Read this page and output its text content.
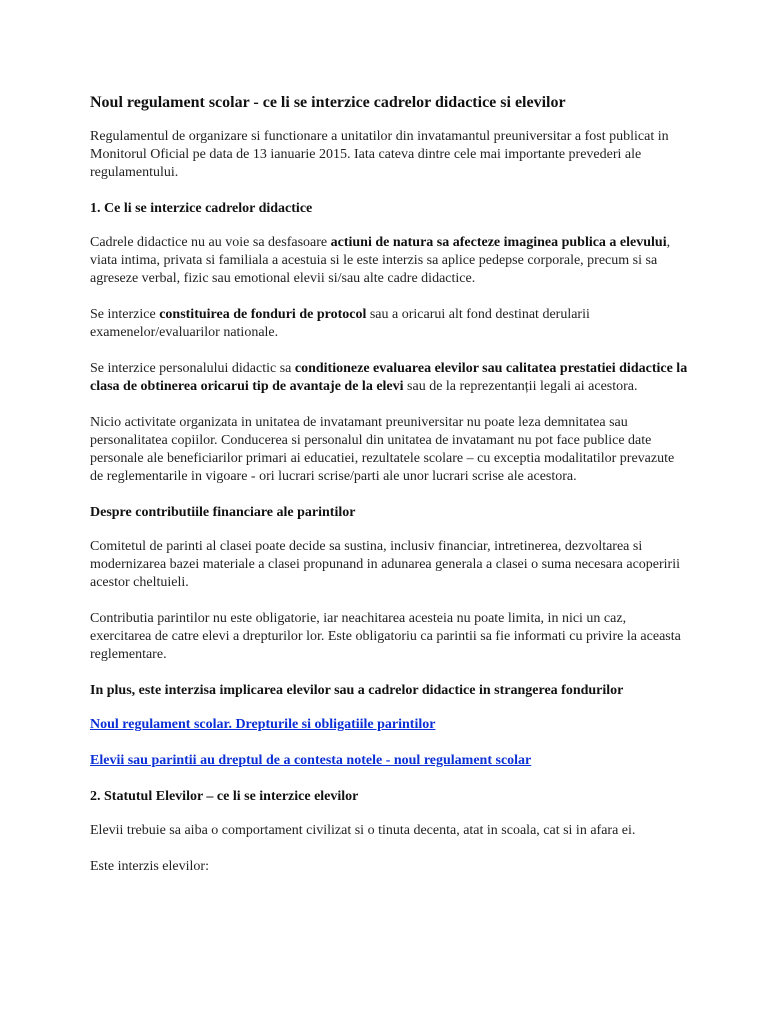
Noul regulament scolar - ce li se interzice cadrelor didactice si elevilor

Regulamentul de organizare si functionare a unitatilor din invatamantul preuniversitar a fost publicat in Monitorul Oficial pe data de 13 ianuarie 2015. Iata cateva dintre cele mai importante prevederi ale regulamentului.

1. Ce li se interzice cadrelor didactice

Cadrele didactice nu au voie sa desfasoare actiuni de natura sa afecteze imaginea publica a elevului, viata intima, privata si familiala a acestuia si le este interzis sa aplice pedepse corporale, precum si sa agreseze verbal, fizic sau emotional elevii si/sau alte cadre didactice.

Se interzice constituirea de fonduri de protocol sau a oricarui alt fond destinat derularii examenelor/evaluarilor nationale.

Se interzice personalului didactic sa conditioneze evaluarea elevilor sau calitatea prestatiei didactice la clasa de obtinerea oricarui tip de avantaje de la elevi sau de la reprezentanții legali ai acestora.

Nicio activitate organizata in unitatea de invatamant preuniversitar nu poate leza demnitatea sau personalitatea copiilor. Conducerea si personalul din unitatea de invatamant nu pot face publice date personale ale beneficiarilor primari ai educatiei, rezultatele scolare – cu exceptia modalitatilor prevazute de reglementarile in vigoare - ori lucrari scrise/parti ale unor lucrari scrise ale acestora.

Despre contributiile financiare ale parintilor

Comitetul de parinti al clasei poate decide sa sustina, inclusiv financiar, intretinerea, dezvoltarea si modernizarea bazei materiale a clasei propunand in adunarea generala a clasei o suma necesara acoperirii acestor cheltuieli.

Contributia parintilor nu este obligatorie, iar neachitarea acesteia nu poate limita, in nici un caz, exercitarea de catre elevi a drepturilor lor. Este obligatoriu ca parintii sa fie informati cu privire la aceasta reglementare.

In plus, este interzisa implicarea elevilor sau a cadrelor didactice in strangerea fondurilor

Noul regulament scolar. Drepturile si obligatiile parintilor

Elevii sau parintii au dreptul de a contesta notele - noul regulament scolar

2. Statutul Elevilor – ce li se interzice elevilor

Elevii trebuie sa aiba o comportament civilizat si o tinuta decenta, atat in scoala, cat si in afara ei.

Este interzis elevilor:
